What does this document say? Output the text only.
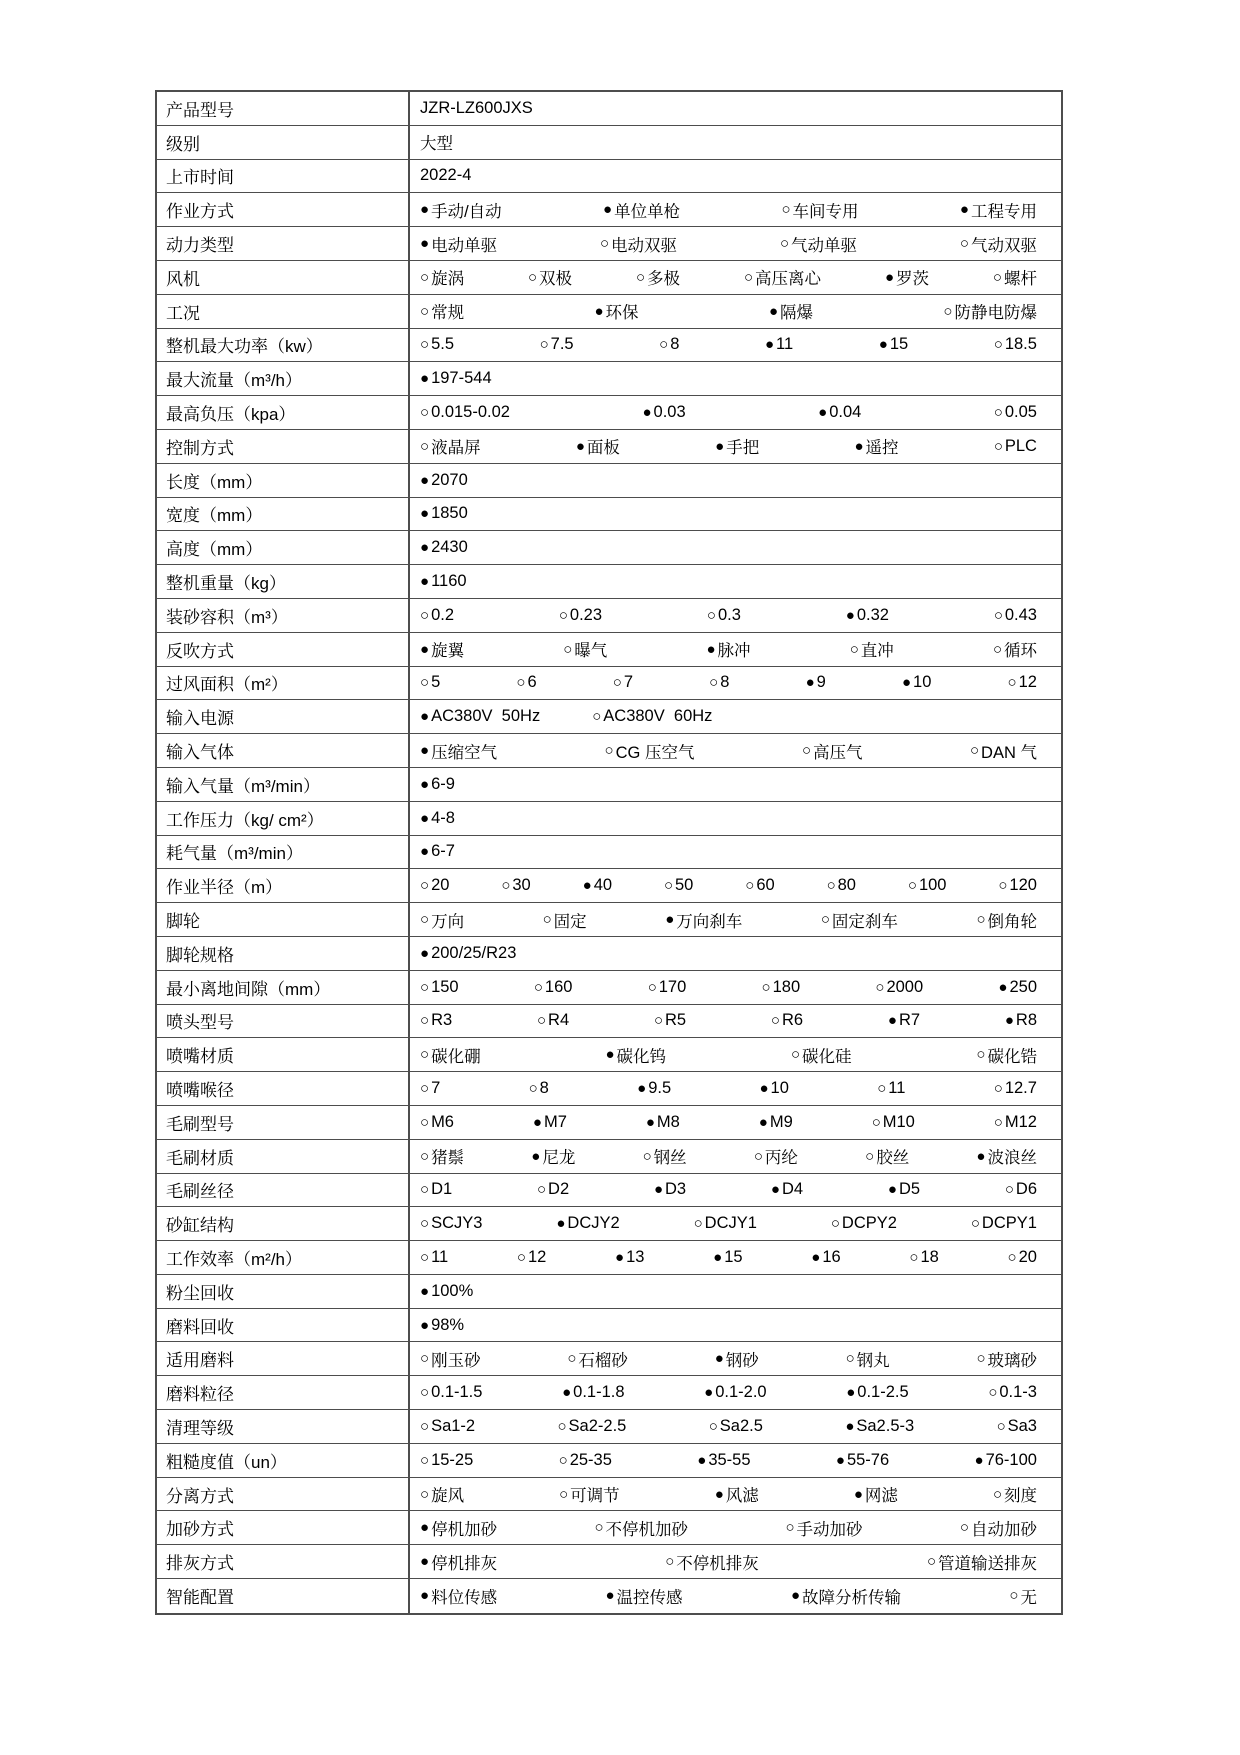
产品型号	JZR-LZ600JXS
级别	大型
上市时间	2022-4
作业方式	● 手动/自动	● 单位单枪	○ 车间专用	● 工程专用
动力类型	● 电动单驱	○ 电动双驱	○ 气动单驱	○ 气动双驱
风机	○ 旋涡	○ 双极	○ 多极	○ 高压离心	● 罗茨	○ 螺杆
工况	○ 常规	● 环保	● 隔爆	○ 防静电防爆
整机最大功率（kw）	○ 5.5	○ 7.5	○ 8	● 11	● 15	○ 18.5
最大流量（m³/h）	● 197-544
最高负压（kpa）	○ 0.015-0.02	● 0.03	● 0.04	○ 0.05
控制方式	○ 液晶屏	● 面板	● 手把	● 遥控	○ PLC
长度（mm）	● 2070
宽度（mm）	● 1850
高度（mm）	● 2430
整机重量（kg）	● 1160
装砂容积（m³）	○ 0.2	○ 0.23	○ 0.3	● 0.32	○ 0.43
反吹方式	● 旋翼	○ 曝气	● 脉冲	○ 直冲	○ 循环
过风面积（m²）	○ 5	○ 6	○ 7	○ 8	● 9	● 10	○ 12
输入电源	● AC380V  50Hz	○ AC380V  60Hz
输入气体	● 压缩空气	○ CG 压空气	○ 高压气	○ DAN 气
输入气量（m³/min）	● 6-9
工作压力（kg/ cm²）	● 4-8
耗气量（m³/min）	● 6-7
作业半径（m）	○ 20	○ 30	● 40	○ 50	○ 60	○ 80	○ 100	○ 120
脚轮	○ 万向	○ 固定	● 万向刹车	○ 固定刹车	○ 倒角轮
脚轮规格	● 200/25/R23
最小离地间隙（mm）	○ 150	○ 160	○ 170	○ 180	○ 2000	● 250
喷头型号	○ R3	○ R4	○ R5	○ R6	● R7	● R8
喷嘴材质	○ 碳化硼	● 碳化钨	○ 碳化硅	○ 碳化锆
喷嘴喉径	○ 7	○ 8	● 9.5	● 10	○ 11	○ 12.7
毛刷型号	○ M6	● M7	● M8	● M9	○ M10	○ M12
毛刷材质	○ 猪鬃	● 尼龙	○ 钢丝	○ 丙纶	○ 胶丝	● 波浪丝
毛刷丝径	○ D1	○ D2	● D3	● D4	● D5	○ D6
砂缸结构	○ SCJY3	● DCJY2	○ DCJY1	○ DCPY2	○ DCPY1
工作效率（m²/h）	○ 11	○ 12	● 13	● 15	● 16	○ 18	○ 20
粉尘回收	● 100%
磨料回收	● 98%
适用磨料	○ 刚玉砂	○ 石榴砂	● 钢砂	○ 钢丸	○ 玻璃砂
磨料粒径	○ 0.1-1.5	● 0.1-1.8	● 0.1-2.0	● 0.1-2.5	○ 0.1-3
清理等级	○ Sa1-2	○ Sa2-2.5	○ Sa2.5	● Sa2.5-3	○ Sa3
粗糙度值（un）	○ 15-25	○ 25-35	● 35-55	● 55-76	● 76-100
分离方式	○ 旋风	○ 可调节	● 风滤	● 网滤	○ 刻度
加砂方式	● 停机加砂	○ 不停机加砂	○ 手动加砂	○ 自动加砂
排灰方式	● 停机排灰	○ 不停机排灰	○ 管道输送排灰
智能配置	● 料位传感	● 温控传感	● 故障分析传输	○ 无
